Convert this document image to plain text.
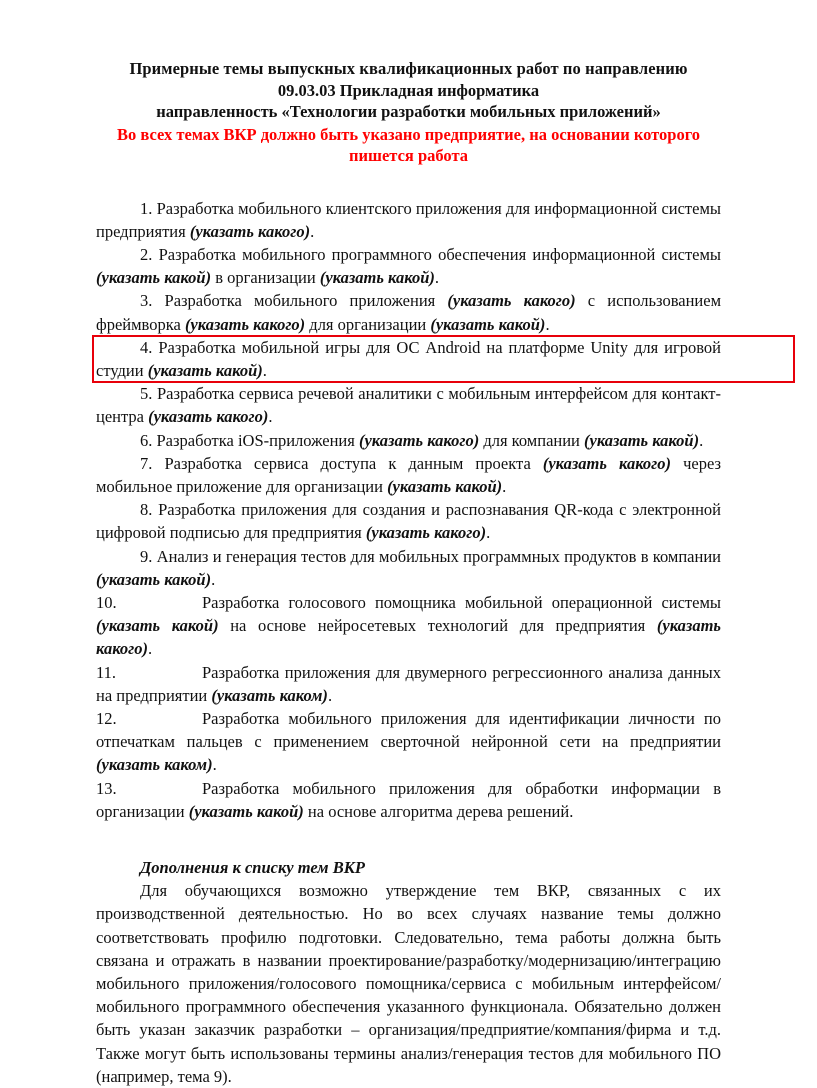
Примерные темы выпускных квалификационных работ по направлению
09.03.03 Прикладная информатика
направленность «Технологии разработки мобильных приложений»
Во всех темах ВКР должно быть указано предприятие, на основании которого
пишется работа

1. Разработка мобильного клиентского приложения для информационной системы предприятия (указать какого).

2. Разработка мобильного программного обеспечения информационной системы (указать какой) в организации (указать какой).

3. Разработка мобильного приложения (указать какого) с использованием фреймворка (указать какого) для организации (указать какой).

4. Разработка мобильной игры для ОС Android на платформе Unity для игровой студии (указать какой).

5. Разработка сервиса речевой аналитики с мобильным интерфейсом для контакт-центра (указать какого).

6. Разработка iOS-приложения (указать какого) для компании (указать какой).

7. Разработка сервиса доступа к данным проекта (указать какого) через мобильное приложение для организации (указать какой).

8. Разработка приложения для создания и распознавания QR-кода с электронной цифровой подписью для предприятия (указать какого).

9. Анализ и генерация тестов для мобильных программных продуктов в компании (указать какой).

10.	Разработка голосового помощника мобильной операционной системы (указать какой) на основе нейросетевых технологий для предприятия (указать какого).

11.	Разработка приложения для двумерного регрессионного анализа данных на предприятии (указать каком).

12.	Разработка мобильного приложения для идентификации личности по отпечаткам пальцев с применением сверточной нейронной сети на предприятии (указать каком).

13.	Разработка мобильного приложения для обработки информации в организации (указать какой) на основе алгоритма дерева решений.

Дополнения к списку тем ВКР

Для обучающихся возможно утверждение тем ВКР, связанных с их производственной деятельностью. Но во всех случаях название темы должно соответствовать профилю подготовки. Следовательно, тема работы должна быть связана и отражать в названии проектирование/разработку/модернизацию/интеграцию мобильного приложения/голосового помощника/сервиса с мобильным интерфейсом/мобильного программного обеспечения указанного функционала. Обязательно должен быть указан заказчик разработки – организация/предприятие/компания/фирма и т.д. Также могут быть использованы термины анализ/генерация тестов для мобильного ПО (например, тема 9).
